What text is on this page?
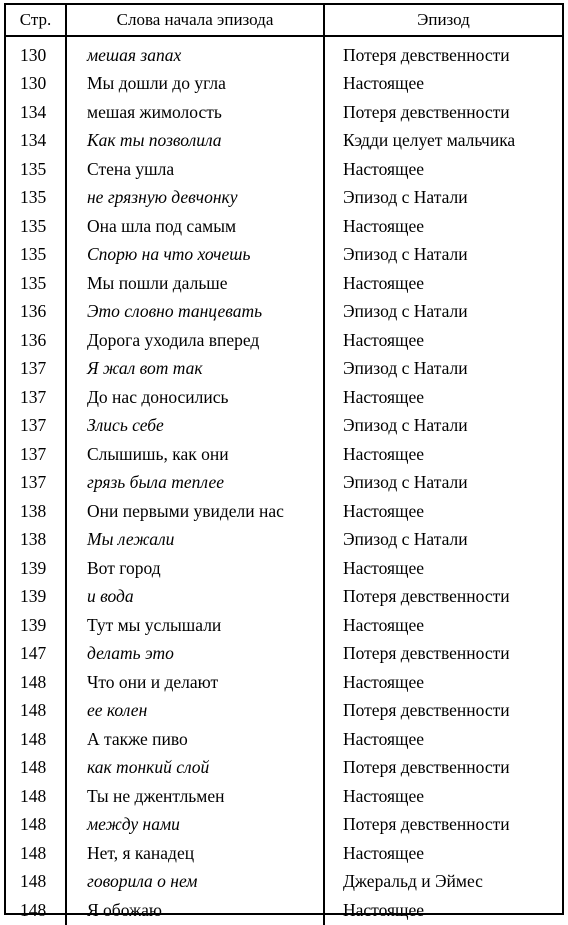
Стр.	Слова начала эпизода	Эпизод
130	мешая запах	Потеря девственности
130	Мы дошли до угла	Настоящее
134	мешая жимолость	Потеря девственности
134	Как ты позволила	Кэдди целует мальчика
135	Стена ушла	Настоящее
135	не грязную девчонку	Эпизод с Натали
135	Она шла под самым	Настоящее
135	Спорю на что хочешь	Эпизод с Натали
135	Мы пошли дальше	Настоящее
136	Это словно танцевать	Эпизод с Натали
136	Дорога уходила вперед	Настоящее
137	Я жал вот так	Эпизод с Натали
137	До нас доносились	Настоящее
137	Злись себе	Эпизод с Натали
137	Слышишь, как они	Настоящее
137	грязь была теплее	Эпизод с Натали
138	Они первыми увидели нас	Настоящее
138	Мы лежали	Эпизод с Натали
139	Вот город	Настоящее
139	и вода	Потеря девственности
139	Тут мы услышали	Настоящее
147	делать это	Потеря девственности
148	Что они и делают	Настоящее
148	ее колен	Потеря девственности
148	А также пиво	Настоящее
148	как тонкий слой	Потеря девственности
148	Ты не джентльмен	Настоящее
148	между нами	Потеря девственности
148	Нет, я канадец	Настоящее
148	говорила о нем	Джеральд и Эймес
148	Я обожаю	Настоящее
